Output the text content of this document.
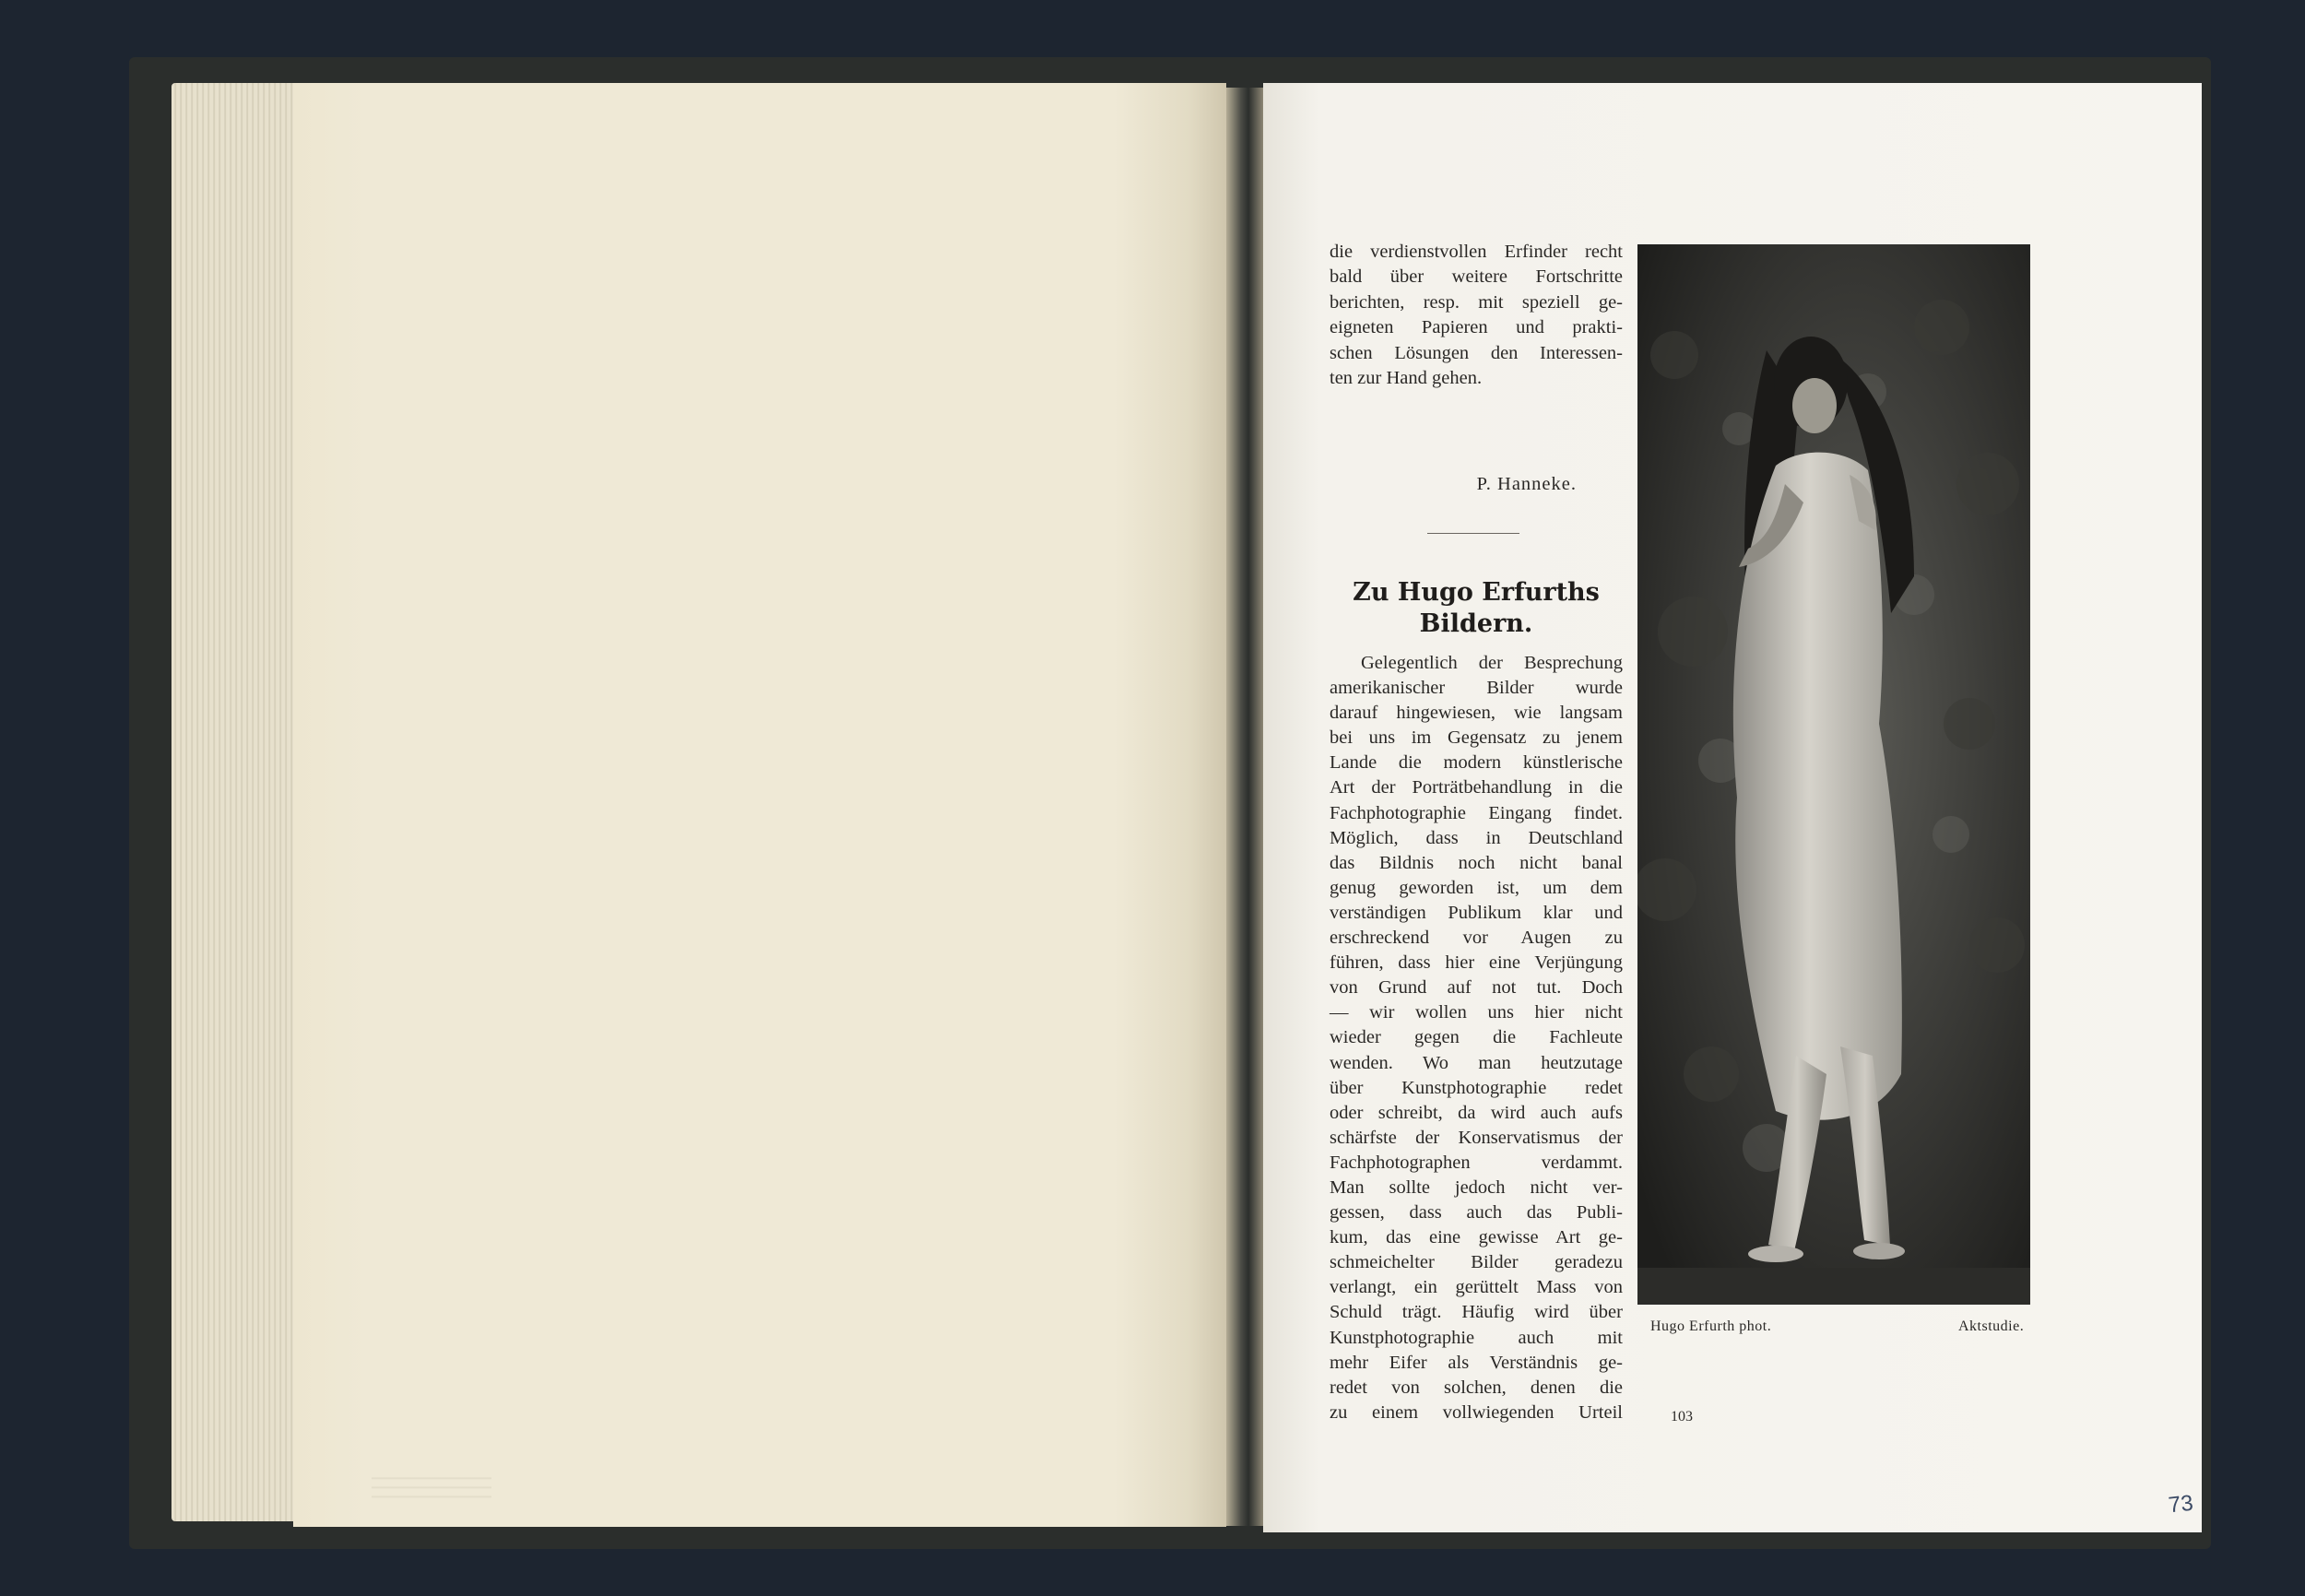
die verdienstvollen Erfinder recht
bald über weitere Fortschritte
berichten, resp. mit speziell ge-
eigneten Papieren und prakti-
schen Lösungen den Interessen-
ten zur Hand gehen.
P. Hanneke.
Zu Hugo Erfurths
Bildern.
Gelegentlich der Besprechung
amerikanischer Bilder wurde
darauf hingewiesen, wie langsam
bei uns im Gegensatz zu jenem
Lande die modern künstlerische
Art der Porträtbehandlung in die
Fachphotographie Eingang findet.
Möglich, dass in Deutschland
das Bildnis noch nicht banal
genug geworden ist, um dem
verständigen Publikum klar und
erschreckend vor Augen zu
führen, dass hier eine Verjüngung
von Grund auf not tut. Doch
— wir wollen uns hier nicht
wieder gegen die Fachleute
wenden. Wo man heutzutage
über Kunstphotographie redet
oder schreibt, da wird auch aufs
schärfste der Konservatismus der
Fachphotographen verdammt.
Man sollte jedoch nicht ver-
gessen, dass auch das Publi-
kum, das eine gewisse Art ge-
schmeichelter Bilder geradezu
verlangt, ein gerüttelt Mass von
Schuld trägt. Häufig wird über
Kunstphotographie auch mit
mehr Eifer als Verständnis ge-
redet von solchen, denen die
zu einem vollwiegenden Urteil
Hugo Erfurth phot.	Aktstudie.
103
73
